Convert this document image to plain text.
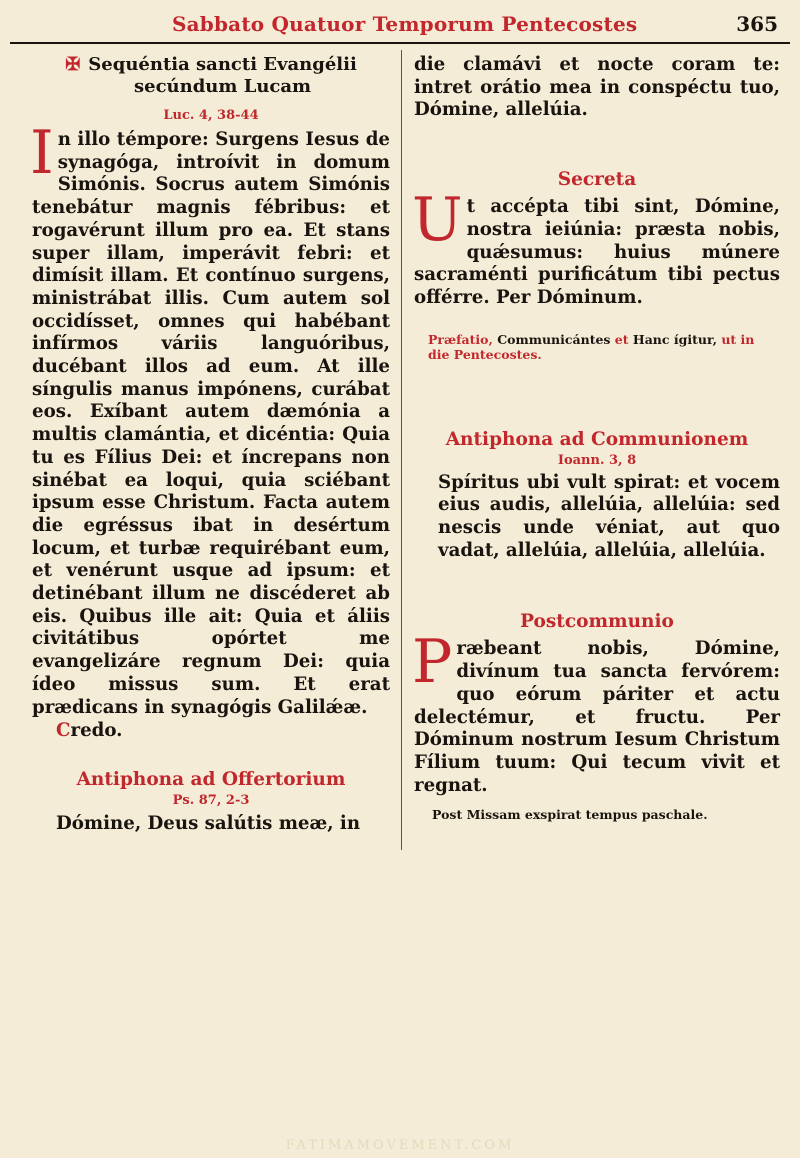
Sabbato Quatuor Temporum Pentecostes	365
✠ Sequéntia sancti Evangélii
secúndum Lucam
Luc. 4, 38-44

In illo témpore: Surgens Iesus de synagóga, introívit in domum Simónis. Socrus autem Simónis tenebátur magnis fébribus: et rogavérunt illum pro ea. Et stans super illam, imperávit febri: et dimísit illam. Et contínuo surgens, ministrábat illis. Cum autem sol occidísset, omnes qui habébant infírmos váriis languóribus, ducébant illos ad eum. At ille síngulis manus impónens, curábat eos. Exíbant autem dæmónia a multis clamántia, et dicéntia: Quia tu es Fílius Dei: et íncrepans non sinébat ea loqui, quia sciébant ipsum esse Christum. Facta autem die egréssus ibat in desértum locum, et turbæ requirébant eum, et venérunt usque ad ipsum: et detinébant illum ne discéderet ab eis. Quibus ille ait: Quia et áliis civitátibus opórtet me evangelizáre regnum Dei: quia ídeo missus sum. Et erat prædicans in synagógis Galilǽæ.

Credo.
Antiphona ad Offertorium
Ps. 87, 2-3

Dómine, Deus salútis meæ, in

die clamávi et nocte coram te: intret orátio mea in conspéctu tuo, Dómine, allelúia.

Secreta

Ut accépta tibi sint, Dómine, nostra ieiúnia: præsta nobis, quǽsumus: huius múnere sacraménti purificátum tibi pectus offérre. Per Dóminum.

Præfatio, Communicántes et Hanc ígitur, ut in die Pentecostes.
Antiphona ad Communionem
Ioann. 3, 8

Spíritus ubi vult spirat: et vocem eius audis, allelúia, allelúia: sed nescis unde véniat, aut quo vadat, allelúia, allelúia, allelúia.

Postcommunio

Præbeant nobis, Dómine, divínum tua sancta fervórem: quo eórum páriter et actu delectémur, et fructu. Per Dóminum nostrum Iesum Christum Fílium tuum: Qui tecum vivit et regnat.

Post Missam exspirat tempus paschale.
FATIMAMOVEMENT.COM
